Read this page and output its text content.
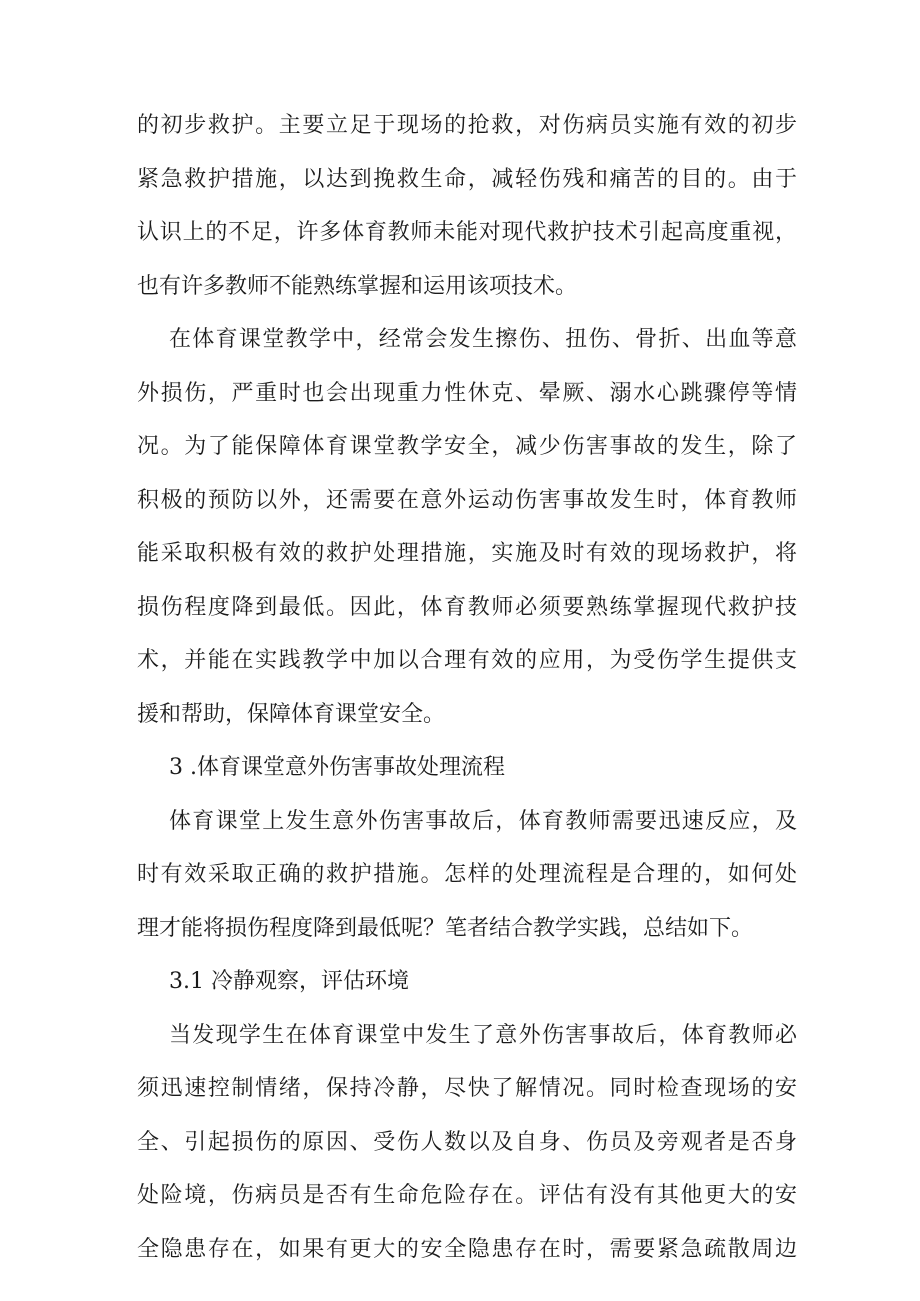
的初步救护。主要立足于现场的抢救，对伤病员实施有效的初步
紧急救护措施，以达到挽救生命，减轻伤残和痛苦的目的。由于
认识上的不足，许多体育教师未能对现代救护技术引起高度重视，
也有许多教师不能熟练掌握和运用该项技术。
在体育课堂教学中，经常会发生擦伤、扭伤、骨折、出血等意
外损伤，严重时也会出现重力性休克、晕厥、溺水心跳骤停等情
况。为了能保障体育课堂教学安全，减少伤害事故的发生，除了
积极的预防以外，还需要在意外运动伤害事故发生时，体育教师
能采取积极有效的救护处理措施，实施及时有效的现场救护，将
损伤程度降到最低。因此，体育教师必须要熟练掌握现代救护技
术，并能在实践教学中加以合理有效的应用，为受伤学生提供支
援和帮助，保障体育课堂安全。
3 .体育课堂意外伤害事故处理流程
体育课堂上发生意外伤害事故后，体育教师需要迅速反应，及
时有效采取正确的救护措施。怎样的处理流程是合理的，如何处
理才能将损伤程度降到最低呢？笔者结合教学实践，总结如下。
3.1 冷静观察，评估环境
当发现学生在体育课堂中发生了意外伤害事故后，体育教师必
须迅速控制情绪，保持冷静，尽快了解情况。同时检查现场的安
全、引起损伤的原因、受伤人数以及自身、伤员及旁观者是否身
处险境，伤病员是否有生命危险存在。评估有没有其他更大的安
全隐患存在，如果有更大的安全隐患存在时，需要紧急疏散周边
